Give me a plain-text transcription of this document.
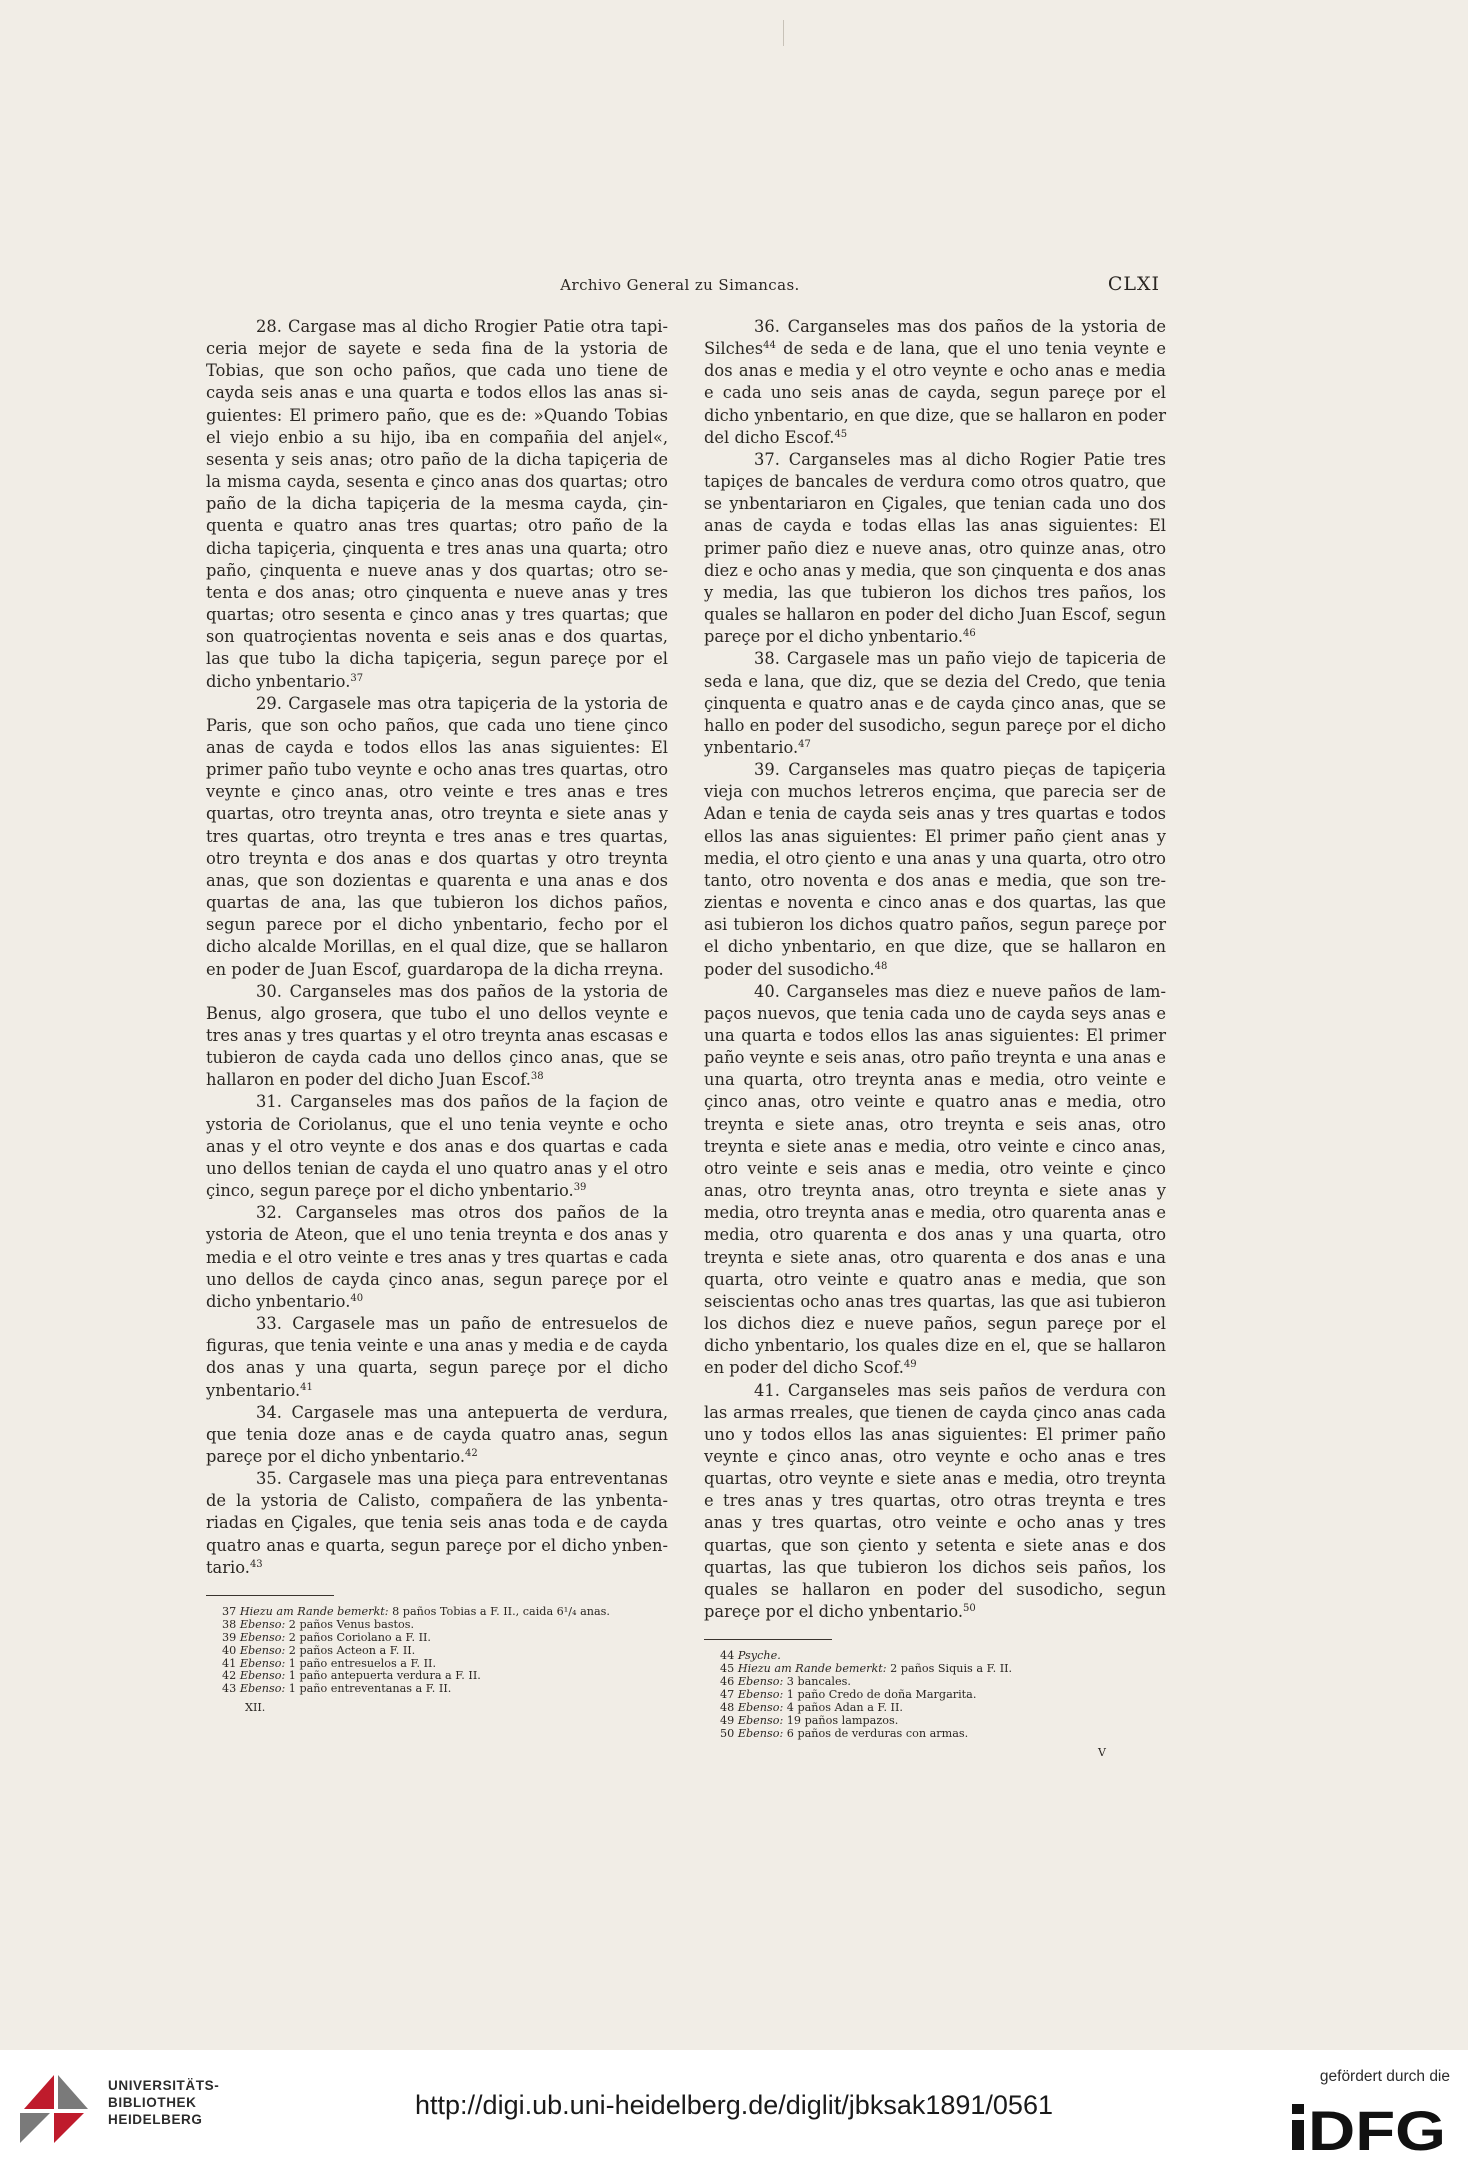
Archivo General zu Simancas.	CLXI

28. Cargase mas al dicho Rrogier Patie otra tapiceria mejor de sayete e seda fina de la ystoria de Tobias, que son ocho paños, que cada uno tiene de cayda seis anas e una quarta e todos ellos las anas siguientes: El primero paño, que es de: »Quando Tobias el viejo enbio a su hijo, iba en compañia del anjel«, sesenta y seis anas; otro paño de la dicha tapiçeria de la misma cayda, sesenta e çinco anas dos quartas; otro paño de la dicha tapiçeria de la mesma cayda, çinquenta e quatro anas tres quartas; otro paño de la dicha tapiçeria, çinquenta e tres anas una quarta; otro paño, çinquenta e nueve anas y dos quartas; otro setenta e dos anas; otro çinquenta e nueve anas y tres quartas; otro sesenta e çinco anas y tres quartas; que son quatroçientas noventa e seis anas e dos quartas, las que tubo la dicha tapiçeria, segun pareçe por el dicho ynbentario.$^{37}$

29. Cargasele mas otra tapiçeria de la ystoria de Paris, que son ocho paños, que cada uno tiene çinco anas de cayda e todos ellos las anas siguientes: El primer paño tubo veynte e ocho anas tres quartas, otro veynte e çinco anas, otro veinte e tres anas e tres quartas, otro treynta anas, otro treynta e siete anas y tres quartas, otro treynta e tres anas e tres quartas, otro treynta e dos anas e dos quartas y otro treynta anas, que son dozientas e quarenta e una anas e dos quartas de ana, las que tubieron los dichos paños, segun parece por el dicho ynbentario, fecho por el dicho alcalde Morillas, en el qual dize, que se hallaron en poder de Juan Escof, guardaropa de la dicha rreyna.

30. Carganseles mas dos paños de la ystoria de Benus, algo grosera, que tubo el uno dellos veynte e tres anas y tres quartas y el otro treynta anas escasas e tubieron de cayda cada uno dellos çinco anas, que se hallaron en poder del dicho Juan Escof.$^{38}$

31. Carganseles mas dos paños de la façion de ystoria de Coriolanus, que el uno tenia veynte e ocho anas y el otro veynte e dos anas e dos quartas e cada uno dellos tenian de cayda el uno quatro anas y el otro çinco, segun pareçe por el dicho ynbentario.$^{39}$

32. Carganseles mas otros dos paños de la ystoria de Ateon, que el uno tenia treynta e dos anas y media e el otro veinte e tres anas y tres quartas e cada uno dellos de cayda çinco anas, segun pareçe por el dicho ynbentario.$^{40}$

33. Cargasele mas un paño de entresuelos de figuras, que tenia veinte e una anas y media e de cayda dos anas y una quarta, segun pareçe por el dicho ynbentario.$^{41}$

34. Cargasele mas una antepuerta de verdura, que tenia doze anas e de cayda quatro anas, segun pareçe por el dicho ynbentario.$^{42}$

35. Cargasele mas una pieça para entreventanas de la ystoria de Calisto, compañera de las ynbentariadas en Çigales, que tenia seis anas toda e de cayda quatro anas e quarta, segun pareçe por el dicho ynbentario.$^{43}$

37 Hiezu am Rande bemerkt: 8 paños Tobias a F. II., caida 6¹/₄ anas.
38 Ebenso: 2 paños Venus bastos.
39 Ebenso: 2 paños Coriolano a F. II.
40 Ebenso: 2 paños Acteon a F. II.
41 Ebenso: 1 paño entresuelos a F. II.
42 Ebenso: 1 paño antepuerta verdura a F. II.
43 Ebenso: 1 paño entreventanas a F. II.
XII.

36. Carganseles mas dos paños de la ystoria de Silches$^{44}$ de seda e de lana, que el uno tenia veynte e dos anas e media y el otro veynte e ocho anas e media e cada uno seis anas de cayda, segun pareçe por el dicho ynbentario, en que dize, que se hallaron en poder del dicho Escof.$^{45}$

37. Carganseles mas al dicho Rogier Patie tres tapiçes de bancales de verdura como otros quatro, que se ynbentariaron en Çigales, que tenian cada uno dos anas de cayda e todas ellas las anas siguientes: El primer paño diez e nueve anas, otro quinze anas, otro diez e ocho anas y media, que son çinquenta e dos anas y media, las que tubieron los dichos tres paños, los quales se hallaron en poder del dicho Juan Escof, segun pareçe por el dicho ynbentario.$^{46}$

38. Cargasele mas un paño viejo de tapiceria de seda e lana, que diz, que se dezia del Credo, que tenia çinquenta e quatro anas e de cayda çinco anas, que se hallo en poder del susodicho, segun pareçe por el dicho ynbentario.$^{47}$

39. Carganseles mas quatro pieças de tapiçeria vieja con muchos letreros ençima, que parecia ser de Adan e tenia de cayda seis anas y tres quartas e todos ellos las anas siguientes: El primer paño çient anas y media, el otro çiento e una anas y una quarta, otro otro tanto, otro noventa e dos anas e media, que son trezientas e noventa e cinco anas e dos quartas, las que asi tubieron los dichos quatro paños, segun pareçe por el dicho ynbentario, en que dize, que se hallaron en poder del susodicho.$^{48}$

40. Carganseles mas diez e nueve paños de lampaços nuevos, que tenia cada uno de cayda seys anas e una quarta e todos ellos las anas siguientes: El primer paño veynte e seis anas, otro paño treynta e una anas e una quarta, otro treynta anas e media, otro veinte e çinco anas, otro veinte e quatro anas e media, otro treynta e siete anas, otro treynta e seis anas, otro treynta e siete anas e media, otro veinte e cinco anas, otro veinte e seis anas e media, otro veinte e çinco anas, otro treynta anas, otro treynta e siete anas y media, otro treynta anas e media, otro quarenta anas e media, otro quarenta e dos anas y una quarta, otro treynta e siete anas, otro quarenta e dos anas e una quarta, otro veinte e quatro anas e media, que son seiscientas ocho anas tres quartas, las que asi tubieron los dichos diez e nueve paños, segun pareçe por el dicho ynbentario, los quales dize en el, que se hallaron en poder del dicho Scof.$^{49}$

41. Carganseles mas seis paños de verdura con las armas rreales, que tienen de cayda çinco anas cada uno y todos ellos las anas siguientes: El primer paño veynte e çinco anas, otro veynte e ocho anas e tres quartas, otro veynte e siete anas e media, otro treynta e tres anas y tres quartas, otro otras treynta e tres anas y tres quartas, otro veinte e ocho anas y tres quartas, que son çiento y setenta e siete anas e dos quartas, las que tubieron los dichos seis paños, los quales se hallaron en poder del susodicho, segun pareçe por el dicho ynbentario.$^{50}$

44 Psyche.
45 Hiezu am Rande bemerkt: 2 paños Siquis a F. II.
46 Ebenso: 3 bancales.
47 Ebenso: 1 paño Credo de doña Margarita.
48 Ebenso: 4 paños Adan a F. II.
49 Ebenso: 19 paños lampazos.
50 Ebenso: 6 paños de verduras con armas.
V
UNIVERSITÄTS-
BIBLIOTHEK
HEIDELBERG	http://digi.ub.uni-heidelberg.de/diglit/jbksak1891/0561
gefördert durch die
DFG
